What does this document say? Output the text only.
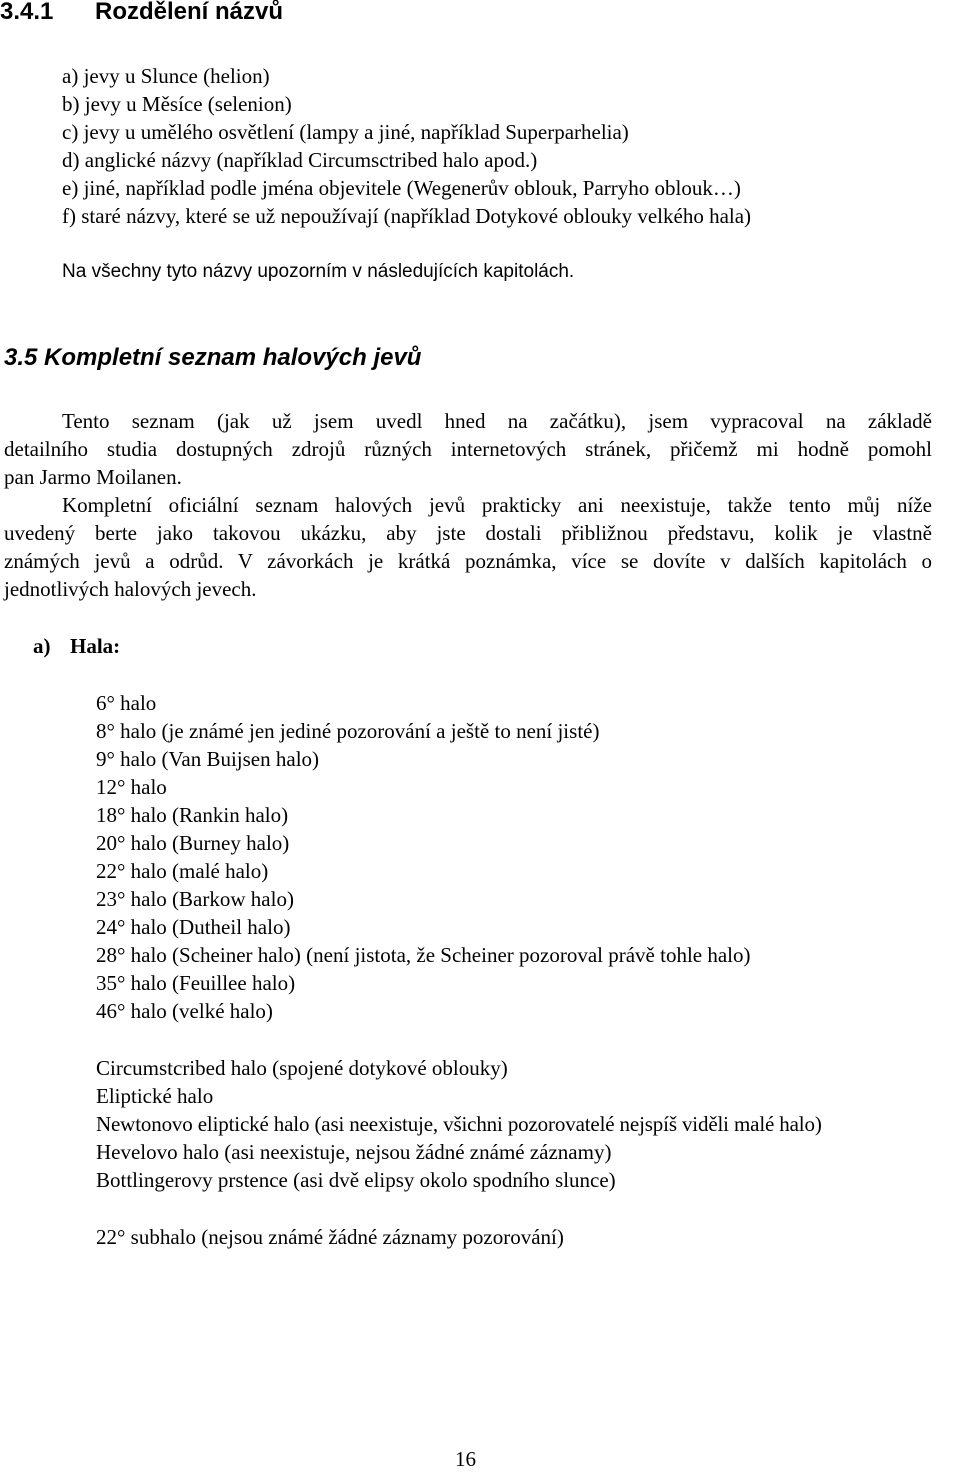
3.4.1 Rozdělení názvů
a) jevy u Slunce (helion)
b) jevy u Měsíce (selenion)
c) jevy u umělého osvětlení (lampy a jiné, například Superparhelia)
d) anglické názvy (například Circumsctribed halo apod.)
e) jiné, například podle jména objevitele (Wegenerův oblouk, Parryho oblouk…)
f) staré názvy, které se už nepoužívají (například Dotykové oblouky velkého hala)
Na všechny tyto názvy upozorním v následujících kapitolách.
3.5 Kompletní seznam halových jevů
Tento seznam (jak už jsem uvedl hned na začátku), jsem vypracoval na základě
detailního studia dostupných zdrojů různých internetových stránek, přičemž mi hodně pomohl
pan Jarmo Moilanen.
Kompletní oficiální seznam halových jevů prakticky ani neexistuje, takže tento můj níže
uvedený berte jako takovou ukázku, aby jste dostali přibližnou představu, kolik je vlastně
známých jevů a odrůd. V závorkách je krátká poznámka, více se dovíte v dalších kapitolách o
jednotlivých halových jevech.
a) Hala:
6° halo
8° halo (je známé jen jediné pozorování a ještě to není jisté)
9° halo (Van Buijsen halo)
12° halo
18° halo (Rankin halo)
20° halo (Burney halo)
22° halo (malé halo)
23° halo (Barkow halo)
24° halo (Dutheil halo)
28° halo (Scheiner halo) (není jistota, že Scheiner pozoroval právě tohle halo)
35° halo (Feuillee halo)
46° halo (velké halo)
Circumstcribed halo (spojené dotykové oblouky)
Eliptické halo
Newtonovo eliptické halo (asi neexistuje, všichni pozorovatelé nejspíš viděli malé halo)
Hevelovo halo (asi neexistuje, nejsou žádné známé záznamy)
Bottlingerovy prstence (asi dvě elipsy okolo spodního slunce)
22° subhalo (nejsou známé žádné záznamy pozorování)
16
